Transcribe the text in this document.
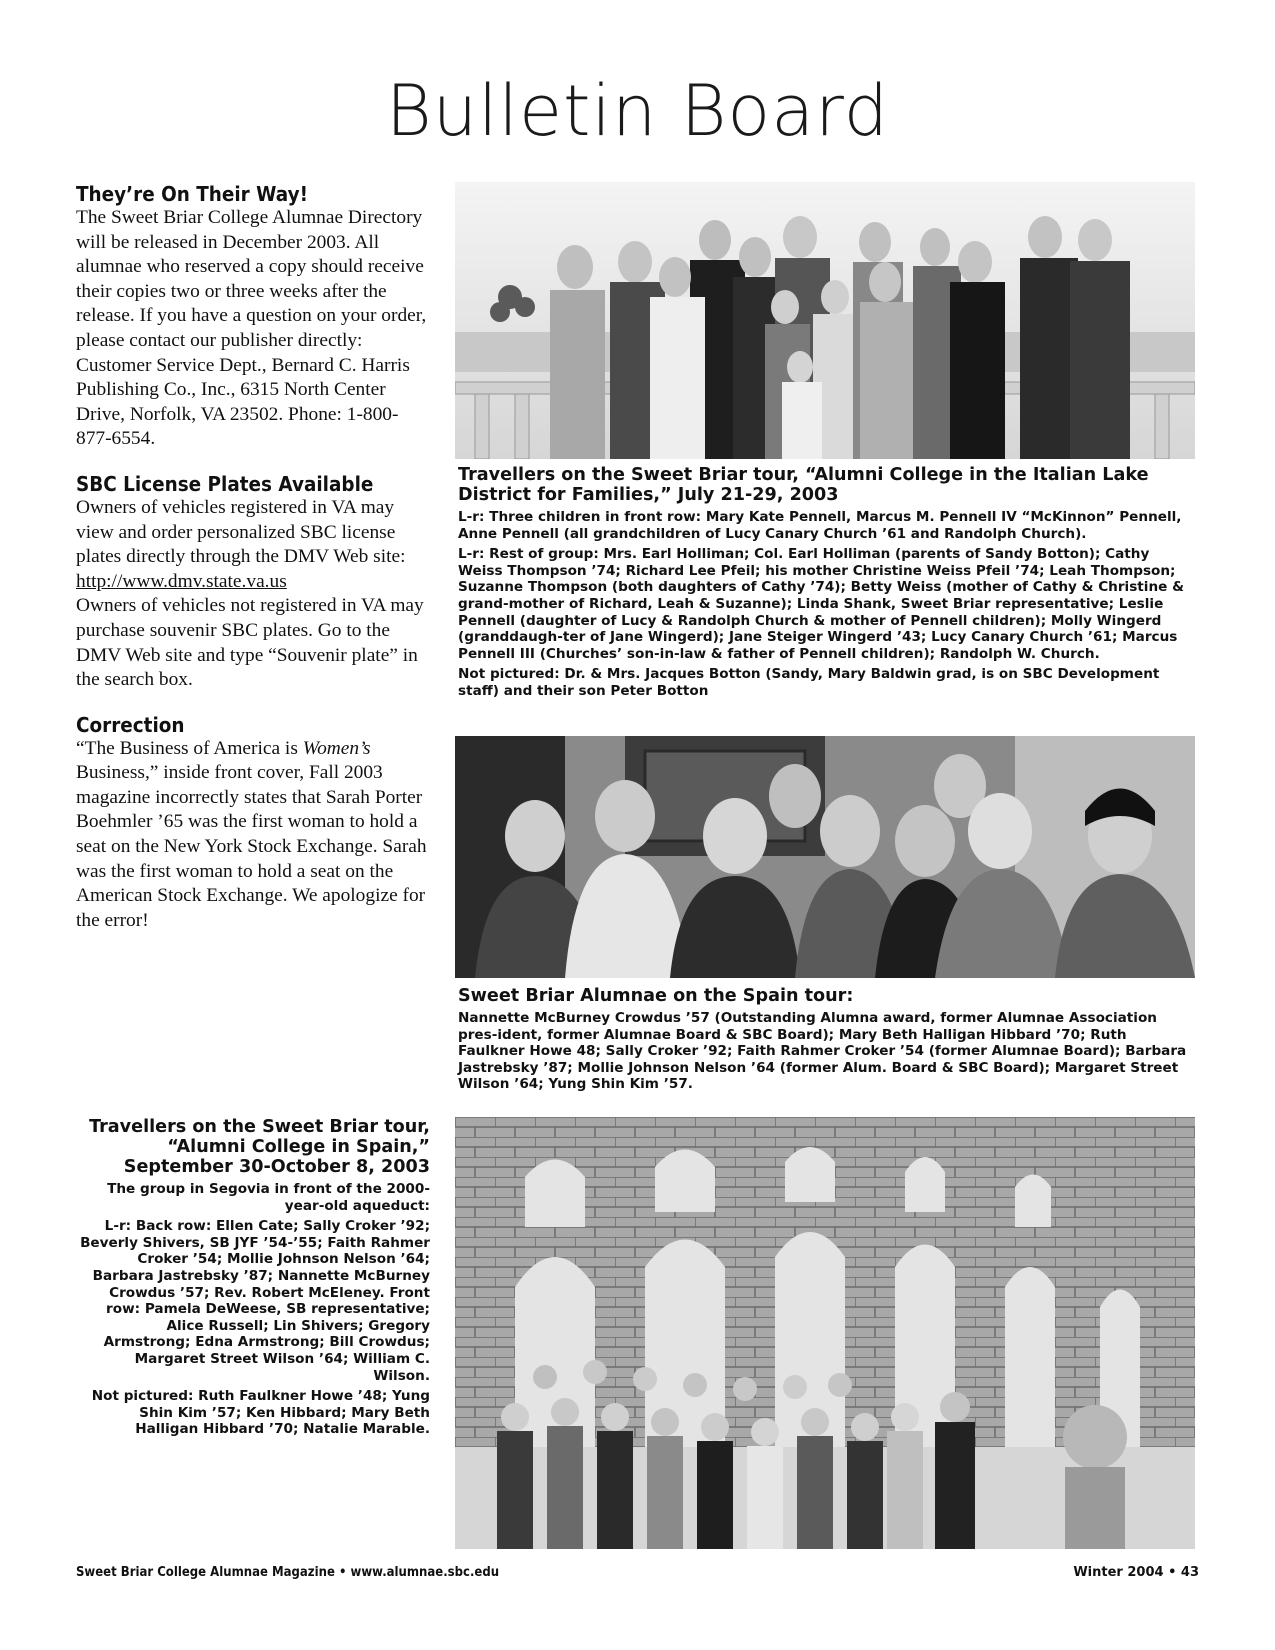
Bulletin Board
They’re On Their Way!

The Sweet Briar College Alumnae Directory will be released in December 2003. All alumnae who reserved a copy should receive their copies two or three weeks after the release. If you have a question on your order, please contact our publisher directly: Customer Service Dept., Bernard C. Harris Publishing Co., Inc., 6315 North Center Drive, Norfolk, VA 23502. Phone: 1-800-877-6554.

SBC License Plates Available

Owners of vehicles registered in VA may view and order personalized SBC license plates directly through the DMV Web site: http://www.dmv.state.va.us
Owners of vehicles not registered in VA may purchase souvenir SBC plates. Go to the DMV Web site and type “Souvenir plate” in the search box.

Correction

“The Business of America is Women’s Business,” inside front cover, Fall 2003 magazine incorrectly states that Sarah Porter Boehmler ’65 was the first woman to hold a seat on the New York Stock Exchange. Sarah was the first woman to hold a seat on the American Stock Exchange. We apologize for the error!

Travellers on the Sweet Briar tour, “Alumni College in the Italian Lake District for Families,” July 21-29, 2003
L-r: Three children in front row: Mary Kate Pennell, Marcus M. Pennell IV “McKinnon” Pennell, Anne Pennell (all grandchildren of Lucy Canary Church ’61 and Randolph Church).
L-r: Rest of group: Mrs. Earl Holliman; Col. Earl Holliman (parents of Sandy Botton); Cathy Weiss Thompson ’74; Richard Lee Pfeil; his mother Christine Weiss Pfeil ’74; Leah Thompson; Suzanne Thompson (both daughters of Cathy ’74); Betty Weiss (mother of Cathy & Christine & grand-mother of Richard, Leah & Suzanne); Linda Shank, Sweet Briar representative; Leslie Pennell (daughter of Lucy & Randolph Church & mother of Pennell children); Molly Wingerd (granddaugh-ter of Jane Wingerd); Jane Steiger Wingerd ’43; Lucy Canary Church ’61; Marcus Pennell III (Churches’ son-in-law & father of Pennell children); Randolph W. Church.
Not pictured: Dr. & Mrs. Jacques Botton (Sandy, Mary Baldwin grad, is on SBC Development staff) and their son Peter Botton
Sweet Briar Alumnae on the Spain tour:
Nannette McBurney Crowdus ’57 (Outstanding Alumna award, former Alumnae Association pres-ident, former Alumnae Board & SBC Board); Mary Beth Halligan Hibbard ’70; Ruth Faulkner Howe 48; Sally Croker ’92; Faith Rahmer Croker ’54 (former Alumnae Board); Barbara Jastrebsky ’87; Mollie Johnson Nelson ’64 (former Alum. Board & SBC Board); Margaret Street Wilson ’64; Yung Shin Kim ’57.
Travellers on the Sweet Briar tour, “Alumni College in Spain,” September 30-October 8, 2003
The group in Segovia in front of the 2000-year-old aqueduct:
L-r: Back row: Ellen Cate; Sally Croker ’92; Beverly Shivers, SB JYF ’54-’55; Faith Rahmer Croker ’54; Mollie Johnson Nelson ’64; Barbara Jastrebsky ’87; Nannette McBurney Crowdus ’57; Rev. Robert McEleney. Front row: Pamela DeWeese, SB representative; Alice Russell; Lin Shivers; Gregory Armstrong; Edna Armstrong; Bill Crowdus; Margaret Street Wilson ’64; William C. Wilson.
Not pictured: Ruth Faulkner Howe ’48; Yung Shin Kim ’57; Ken Hibbard; Mary Beth Halligan Hibbard ’70; Natalie Marable.
Sweet Briar College Alumnae Magazine • www.alumnae.sbc.edu	Winter 2004 • 43
